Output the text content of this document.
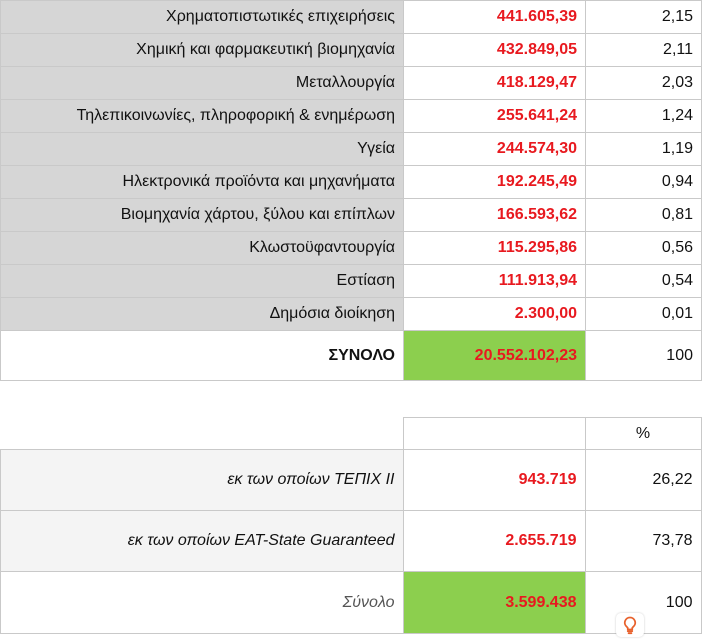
Χρηματοπιστωτικές επιχειρήσεις	441.605,39	2,15
Χημική και φαρμακευτική βιομηχανία	432.849,05	2,11
Μεταλλουργία	418.129,47	2,03
Τηλεπικοινωνίες, πληροφορική & ενημέρωση	255.641,24	1,24
Υγεία	244.574,30	1,19
Ηλεκτρονικά προϊόντα και μηχανήματα	192.245,49	0,94
Βιομηχανία χάρτου, ξύλου και επίπλων	166.593,62	0,81
Κλωστοϋφαντουργία	115.295,86	0,56
Εστίαση	111.913,94	0,54
Δημόσια διοίκηση	2.300,00	0,01
ΣΥΝΟΛΟ	20.552.102,23	100
		%
εκ των οποίων ΤΕΠΙΧ ΙΙ	943.719	26,22
εκ των οποίων EAT-State Guaranteed	2.655.719	73,78
Σύνολο	3.599.438	100
